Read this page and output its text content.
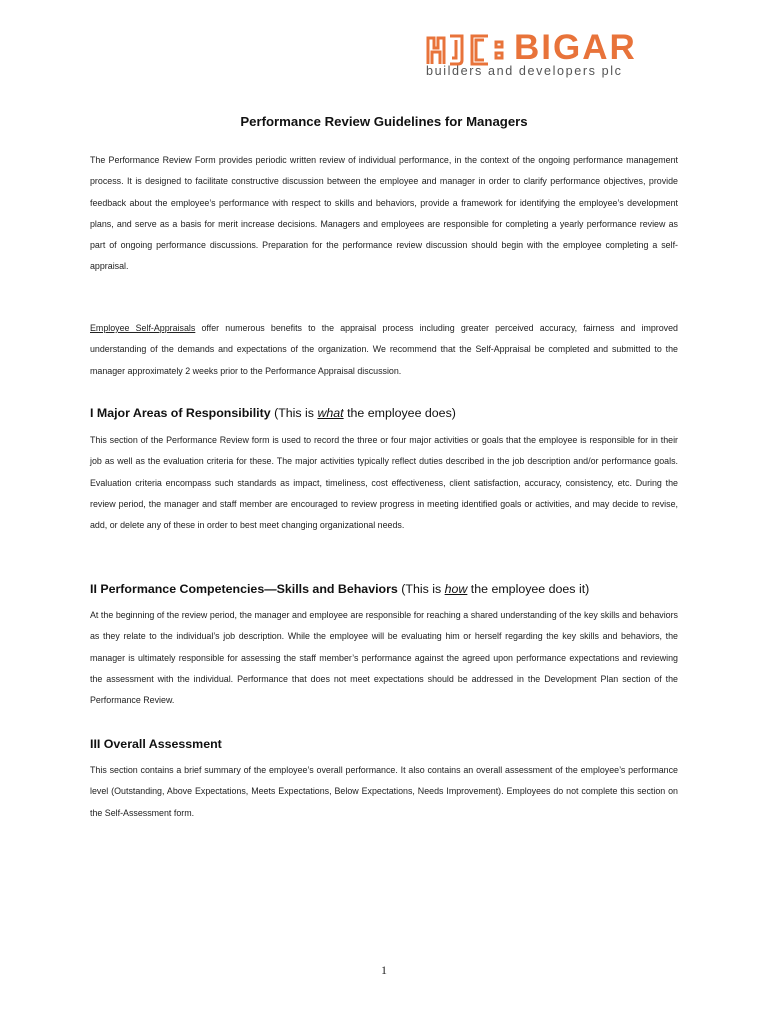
BIGAR
builders and developers plc
Performance Review Guidelines for Managers

The Performance Review Form provides periodic written review of individual performance, in the context of the ongoing performance management process. It is designed to facilitate constructive discussion between the employee and manager in order to clarify performance objectives, provide feedback about the employee’s performance with respect to skills and behaviors, provide a framework for identifying the employee’s development plans, and serve as a basis for merit increase decisions. Managers and employees are responsible for completing a yearly performance review as part of ongoing performance discussions. Preparation for the performance review discussion should begin with the employee completing a self-appraisal.

Employee Self-Appraisals offer numerous benefits to the appraisal process including greater perceived accuracy, fairness and improved understanding of the demands and expectations of the organization. We recommend that the Self-Appraisal be completed and submitted to the manager approximately 2 weeks prior to the Performance Appraisal discussion.

I Major Areas of Responsibility (This is what the employee does)

This section of the Performance Review form is used to record the three or four major activities or goals that the employee is responsible for in their job as well as the evaluation criteria for these. The major activities typically reflect duties described in the job description and/or performance goals. Evaluation criteria encompass such standards as impact, timeliness, cost effectiveness, client satisfaction, accuracy, consistency, etc. During the review period, the manager and staff member are encouraged to review progress in meeting identified goals or activities, and may decide to revise, add, or delete any of these in order to best meet changing organizational needs.

II Performance Competencies—Skills and Behaviors (This is how the employee does it)

At the beginning of the review period, the manager and employee are responsible for reaching a shared understanding of the key skills and behaviors as they relate to the individual’s job description. While the employee will be evaluating him or herself regarding the key skills and behaviors, the manager is ultimately responsible for assessing the staff member’s performance against the agreed upon performance expectations and reviewing the assessment with the individual. Performance that does not meet expectations should be addressed in the Development Plan section of the Performance Review.

III Overall Assessment

This section contains a brief summary of the employee’s overall performance. It also contains an overall assessment of the employee’s performance level (Outstanding, Above Expectations, Meets Expectations, Below Expectations, Needs Improvement). Employees do not complete this section on the Self-Assessment form.

1
